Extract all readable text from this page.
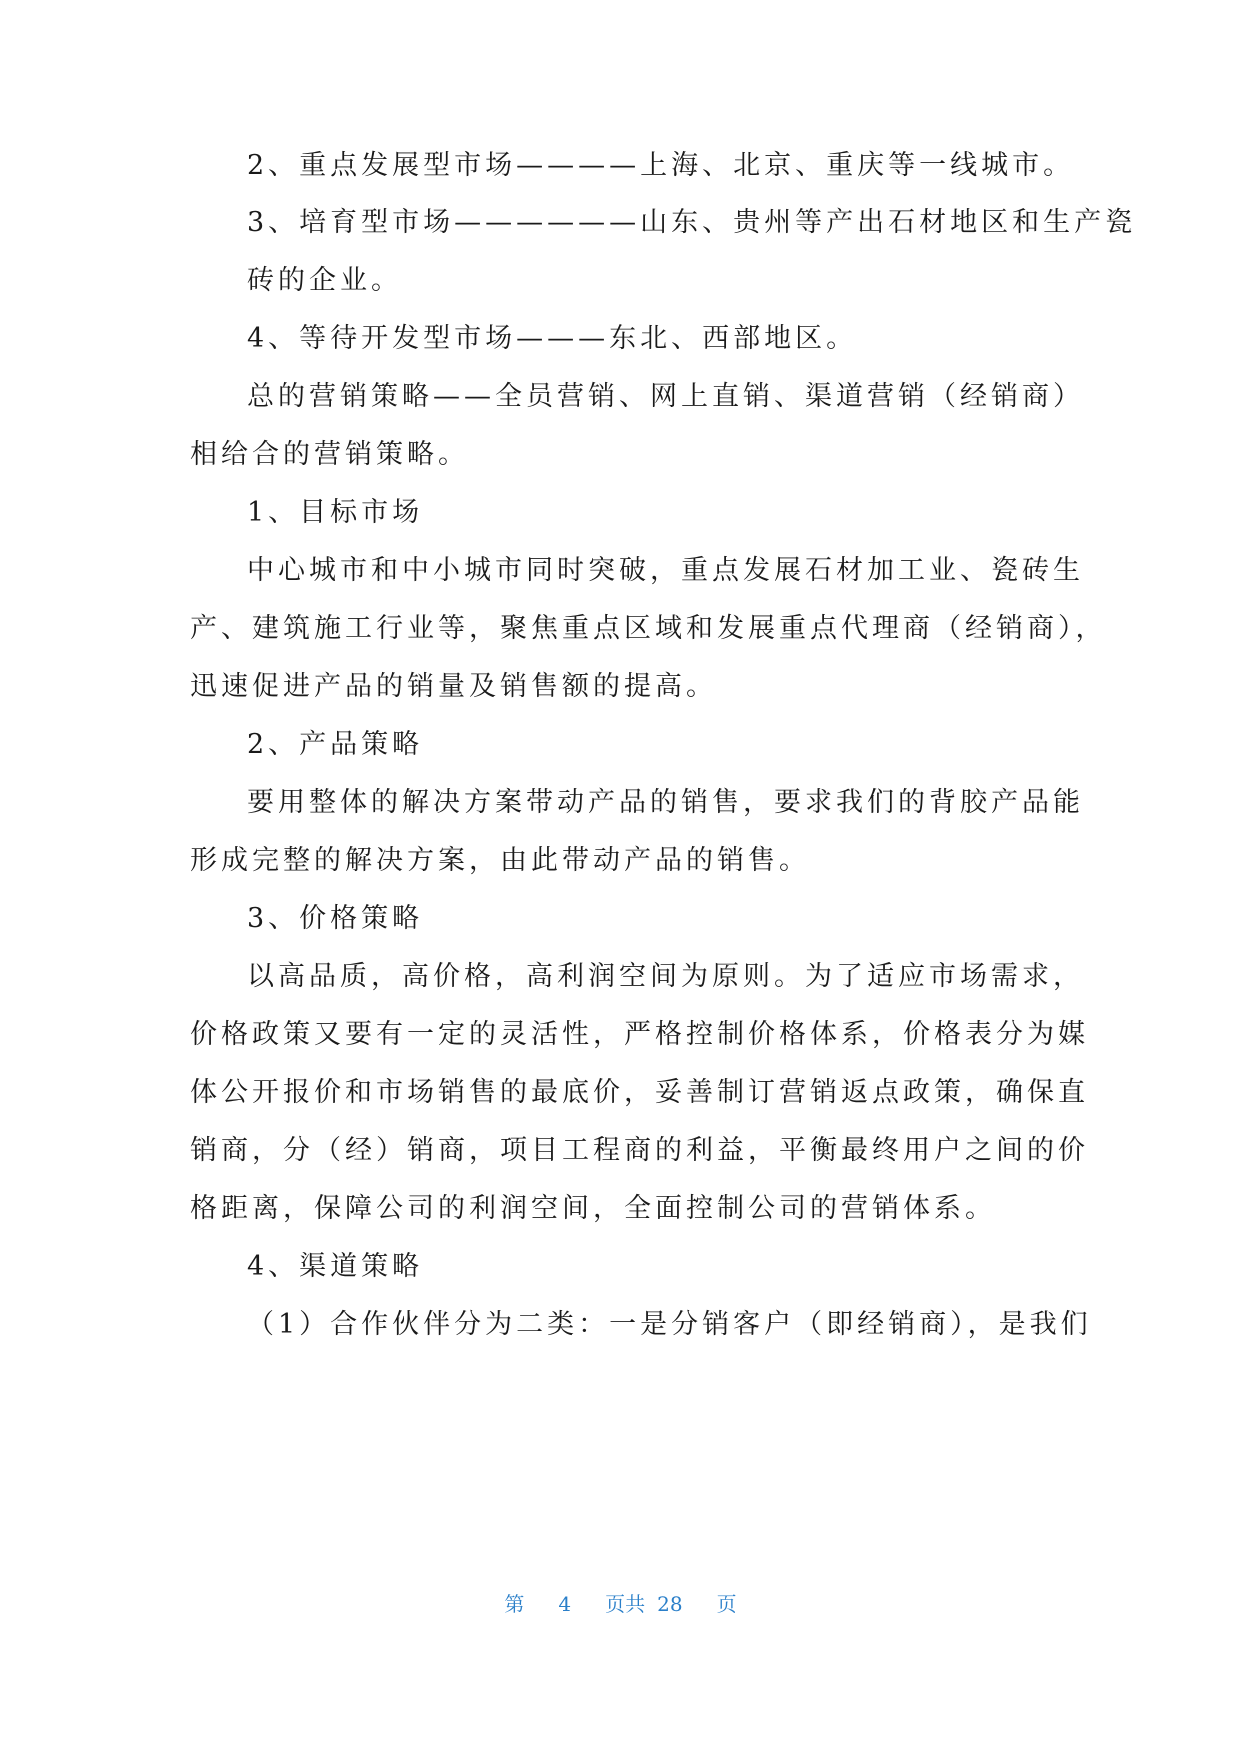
2、重点发展型市场————上海、北京、重庆等一线城市。
3、培育型市场——————山东、贵州等产出石材地区和生产瓷
砖的企业。
4、等待开发型市场———东北、西部地区。
总的营销策略——全员营销、网上直销、渠道营销（经销商）
相给合的营销策略。
1、目标市场
中心城市和中小城市同时突破，重点发展石材加工业、瓷砖生
产、建筑施工行业等，聚焦重点区域和发展重点代理商（经销商），
迅速促进产品的销量及销售额的提高。
2、产品策略
要用整体的解决方案带动产品的销售，要求我们的背胶产品能
形成完整的解决方案，由此带动产品的销售。
3、价格策略
以高品质，高价格，高利润空间为原则。为了适应市场需求，
价格政策又要有一定的灵活性，严格控制价格体系，价格表分为媒
体公开报价和市场销售的最底价，妥善制订营销返点政策，确保直
销商，分（经）销商，项目工程商的利益，平衡最终用户之间的价
格距离，保障公司的利润空间，全面控制公司的营销体系。
4、渠道策略
（1）合作伙伴分为二类：一是分销客户（即经销商），是我们
第 4 页共 28 页
